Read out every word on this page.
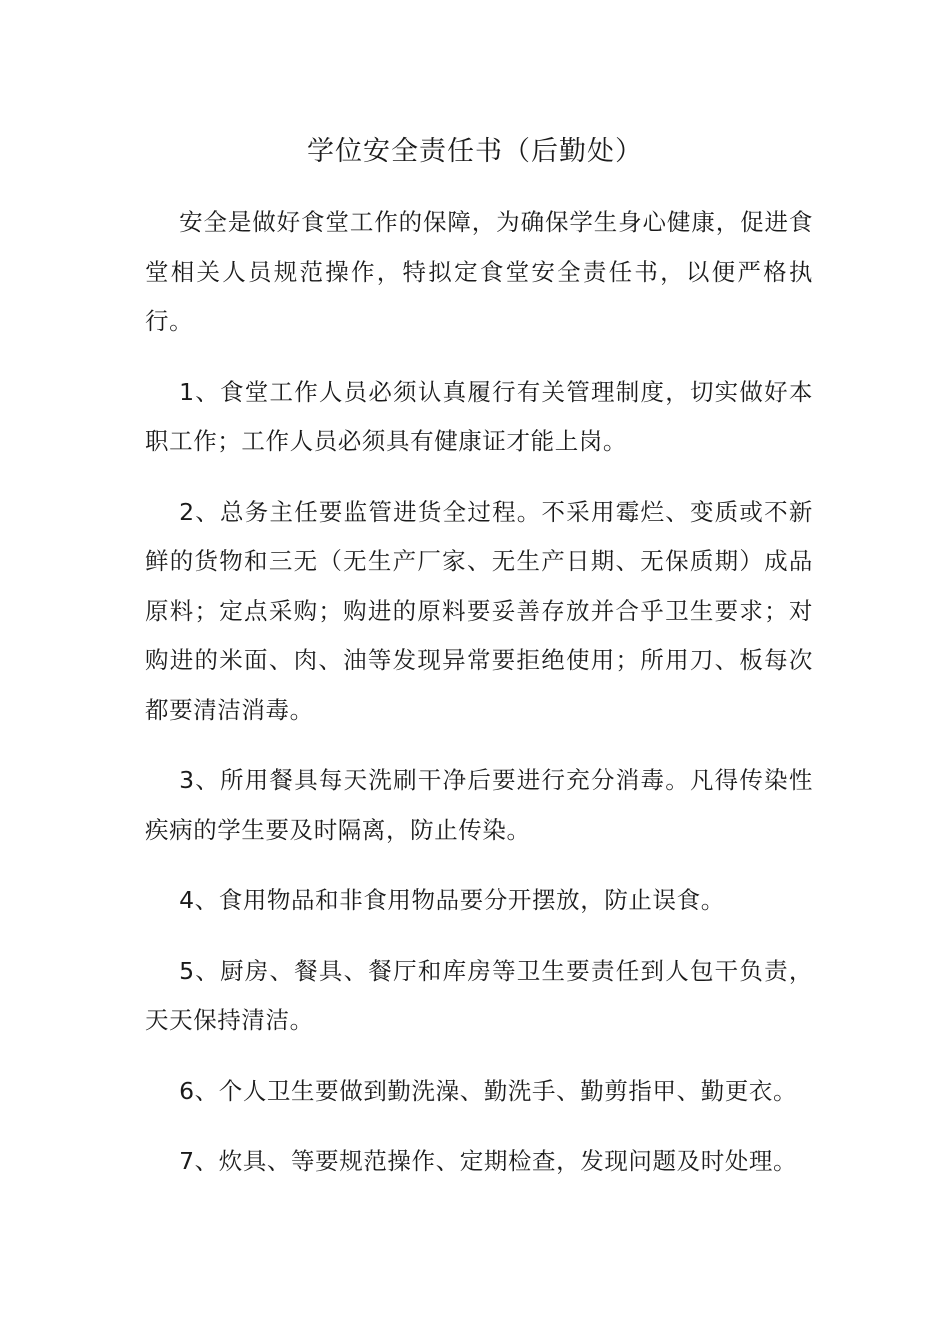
学位安全责任书（后勤处）

安全是做好食堂工作的保障，为确保学生身心健康，促进食堂相关人员规范操作，特拟定食堂安全责任书，以便严格执行。

1、食堂工作人员必须认真履行有关管理制度，切实做好本职工作；工作人员必须具有健康证才能上岗。

2、总务主任要监管进货全过程。不采用霉烂、变质或不新鲜的货物和三无（无生产厂家、无生产日期、无保质期）成品原料；定点采购；购进的原料要妥善存放并合乎卫生要求；对购进的米面、肉、油等发现异常要拒绝使用；所用刀、板每次都要清洁消毒。

3、所用餐具每天洗刷干净后要进行充分消毒。凡得传染性疾病的学生要及时隔离，防止传染。

4、食用物品和非食用物品要分开摆放，防止误食。

5、厨房、餐具、餐厅和库房等卫生要责任到人包干负责，天天保持清洁。

6、个人卫生要做到勤洗澡、勤洗手、勤剪指甲、勤更衣。

7、炊具、等要规范操作、定期检查，发现问题及时处理。
